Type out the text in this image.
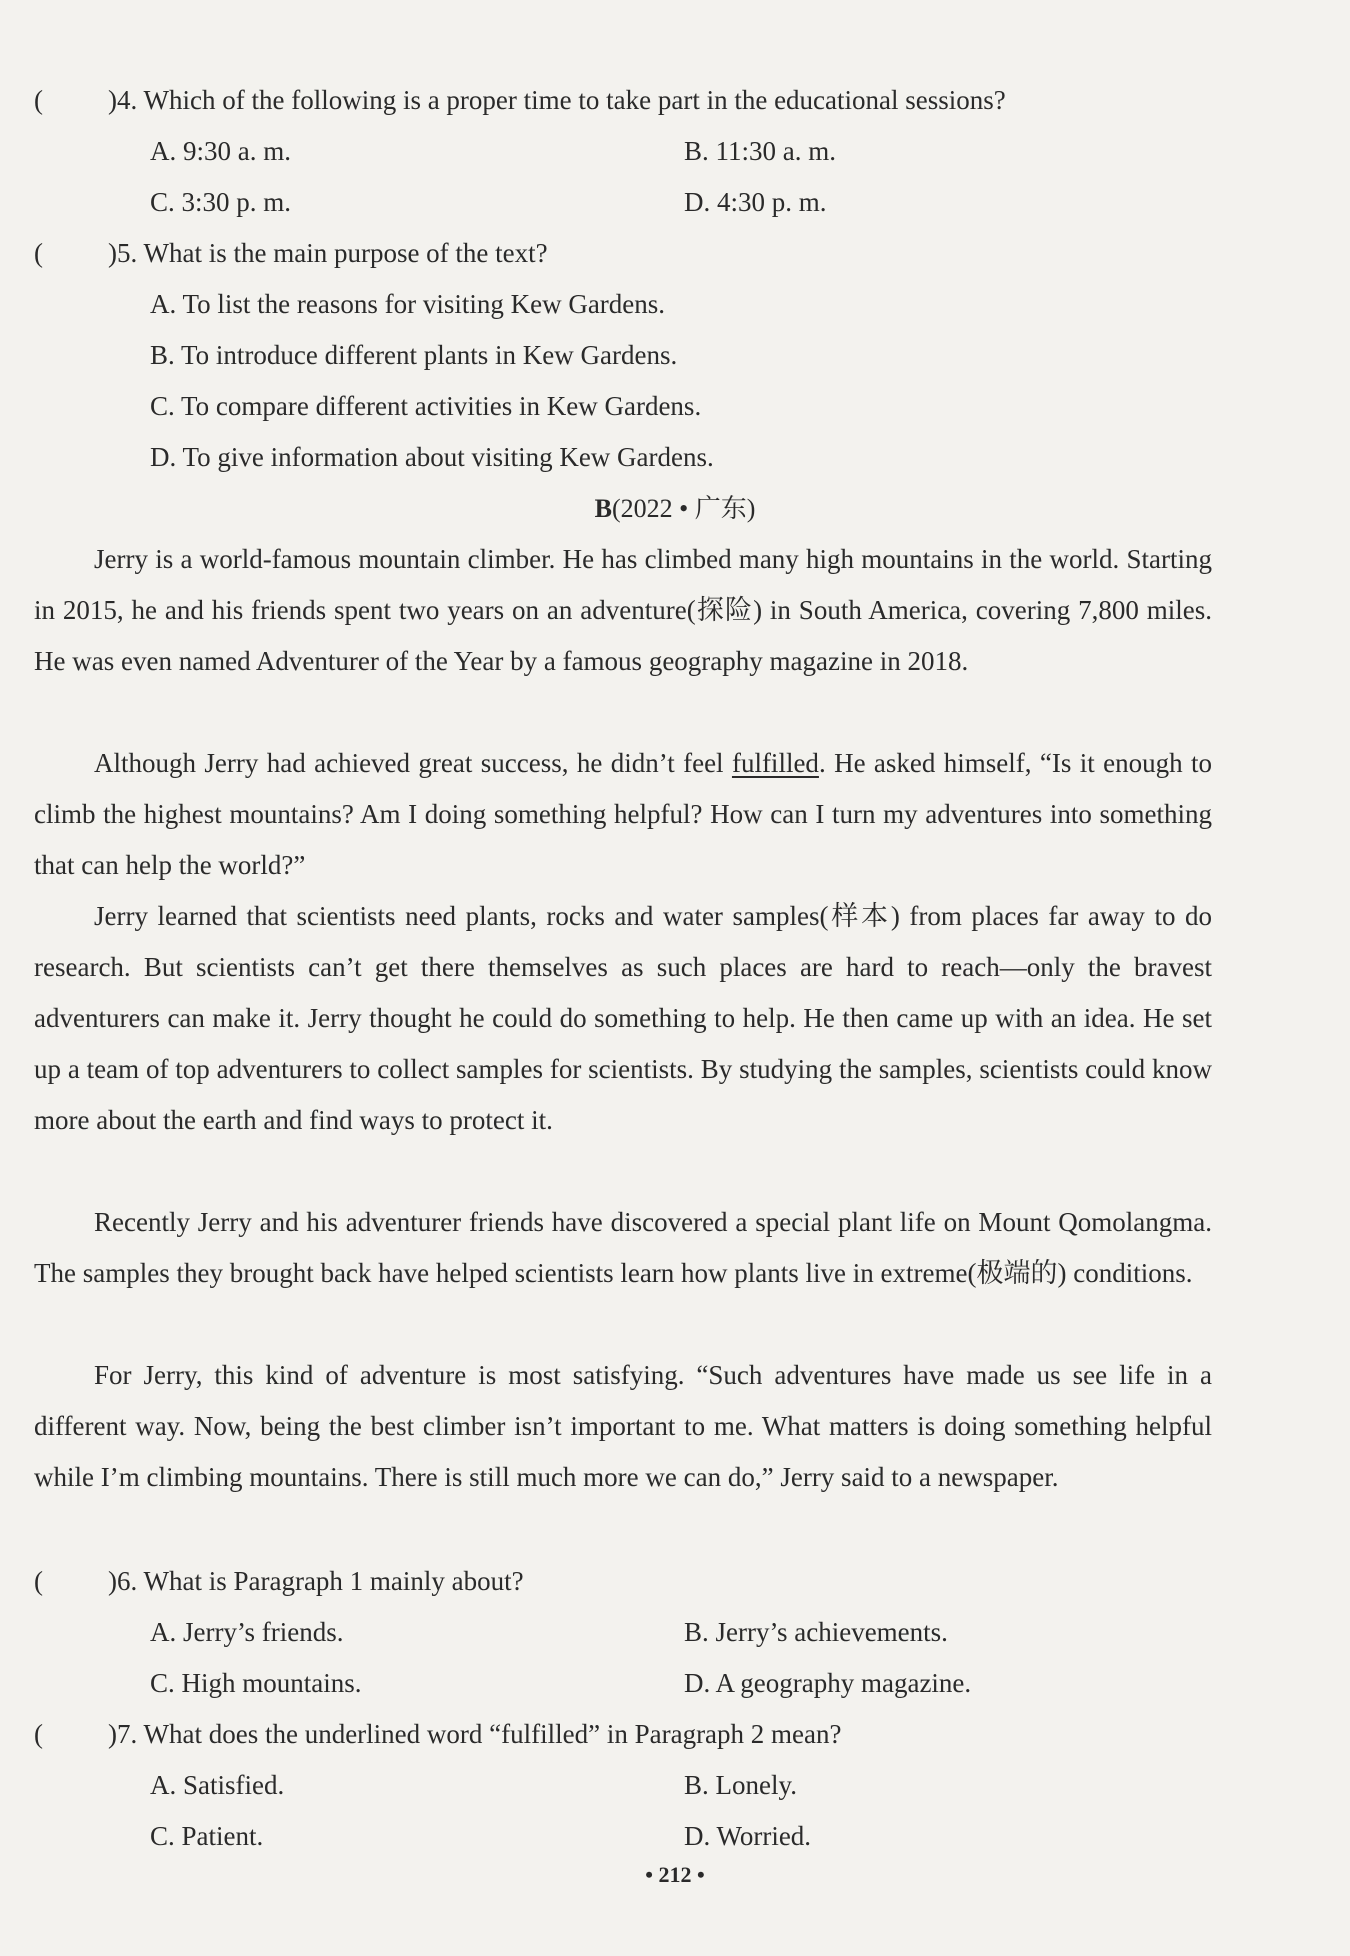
( )4. Which of the following is a proper time to take part in the educational sessions?
A. 9:30 a. m.	B. 11:30 a. m.
C. 3:30 p. m.	D. 4:30 p. m.
( )5. What is the main purpose of the text?
A. To list the reasons for visiting Kew Gardens.
B. To introduce different plants in Kew Gardens.
C. To compare different activities in Kew Gardens.
D. To give information about visiting Kew Gardens.
B(2022 • 广东)
Jerry is a world-famous mountain climber. He has climbed many high mountains in the world. Starting in 2015, he and his friends spent two years on an adventure(探险) in South America, covering 7,800 miles. He was even named Adventurer of the Year by a famous geography magazine in 2018.
Although Jerry had achieved great success, he didn’t feel fulfilled. He asked himself, “Is it enough to climb the highest mountains? Am I doing something helpful? How can I turn my adventures into something that can help the world?”
Jerry learned that scientists need plants, rocks and water samples(样本) from places far away to do research. But scientists can’t get there themselves as such places are hard to reach—only the bravest adventurers can make it. Jerry thought he could do something to help. He then came up with an idea. He set up a team of top adventurers to collect samples for scientists. By studying the samples, scientists could know more about the earth and find ways to protect it.
Recently Jerry and his adventurer friends have discovered a special plant life on Mount Qomolangma. The samples they brought back have helped scientists learn how plants live in extreme(极端的) conditions.
For Jerry, this kind of adventure is most satisfying. “Such adventures have made us see life in a different way. Now, being the best climber isn’t important to me. What matters is doing something helpful while I’m climbing mountains. There is still much more we can do,” Jerry said to a newspaper.
( )6. What is Paragraph 1 mainly about?
A. Jerry’s friends.	B. Jerry’s achievements.
C. High mountains.	D. A geography magazine.
( )7. What does the underlined word “fulfilled” in Paragraph 2 mean?
A. Satisfied.	B. Lonely.
C. Patient.	D. Worried.
• 212 •
